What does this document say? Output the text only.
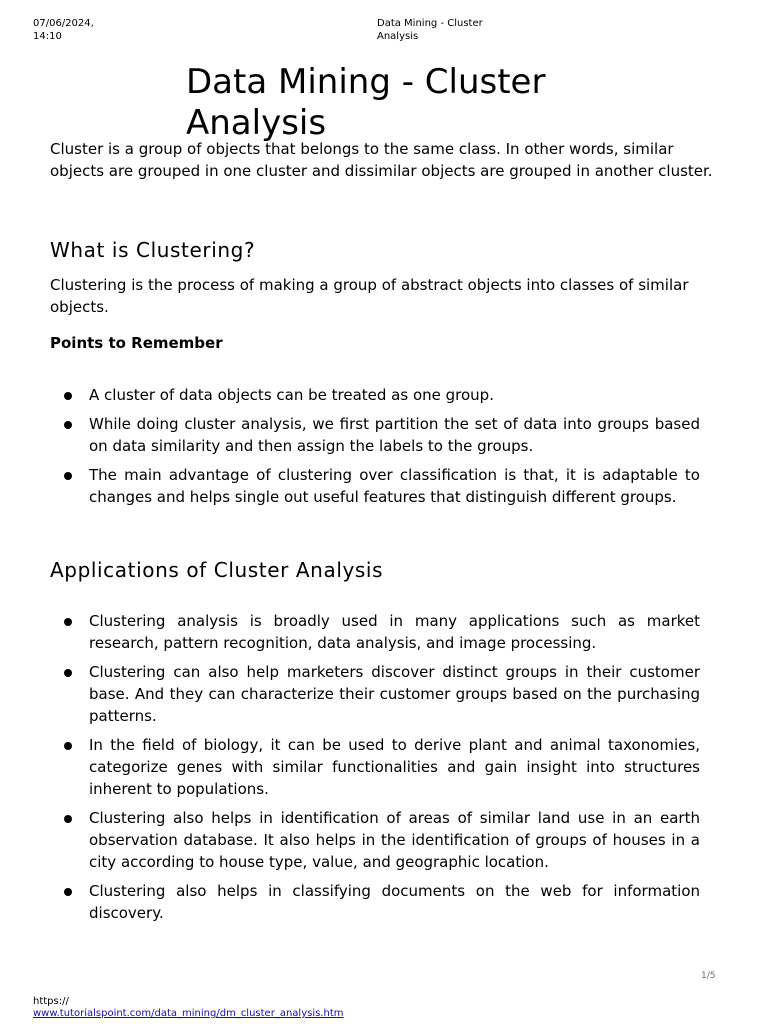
07/06/2024, 14:10
Data Mining - Cluster Analysis
Data Mining - Cluster Analysis

Cluster is a group of objects that belongs to the same class. In other words, similar objects are grouped in one cluster and dissimilar objects are grouped in another cluster.

What is Clustering?

Clustering is the process of making a group of abstract objects into classes of similar objects.

Points to Remember

A cluster of data objects can be treated as one group.
While doing cluster analysis, we first partition the set of data into groups based on data similarity and then assign the labels to the groups.
The main advantage of clustering over classification is that, it is adaptable to changes and helps single out useful features that distinguish different groups.
Applications of Cluster Analysis
Clustering analysis is broadly used in many applications such as market research, pattern recognition, data analysis, and image processing.
Clustering can also help marketers discover distinct groups in their customer base. And they can characterize their customer groups based on the purchasing patterns.
In the field of biology, it can be used to derive plant and animal taxonomies, categorize genes with similar functionalities and gain insight into structures inherent to populations.
Clustering also helps in identification of areas of similar land use in an earth observation database. It also helps in the identification of groups of houses in a city according to house type, value, and geographic location.
Clustering also helps in classifying documents on the web for information discovery.
1/5
https://
www.tutorialspoint.com/data_mining/dm_cluster_analysis.htm
